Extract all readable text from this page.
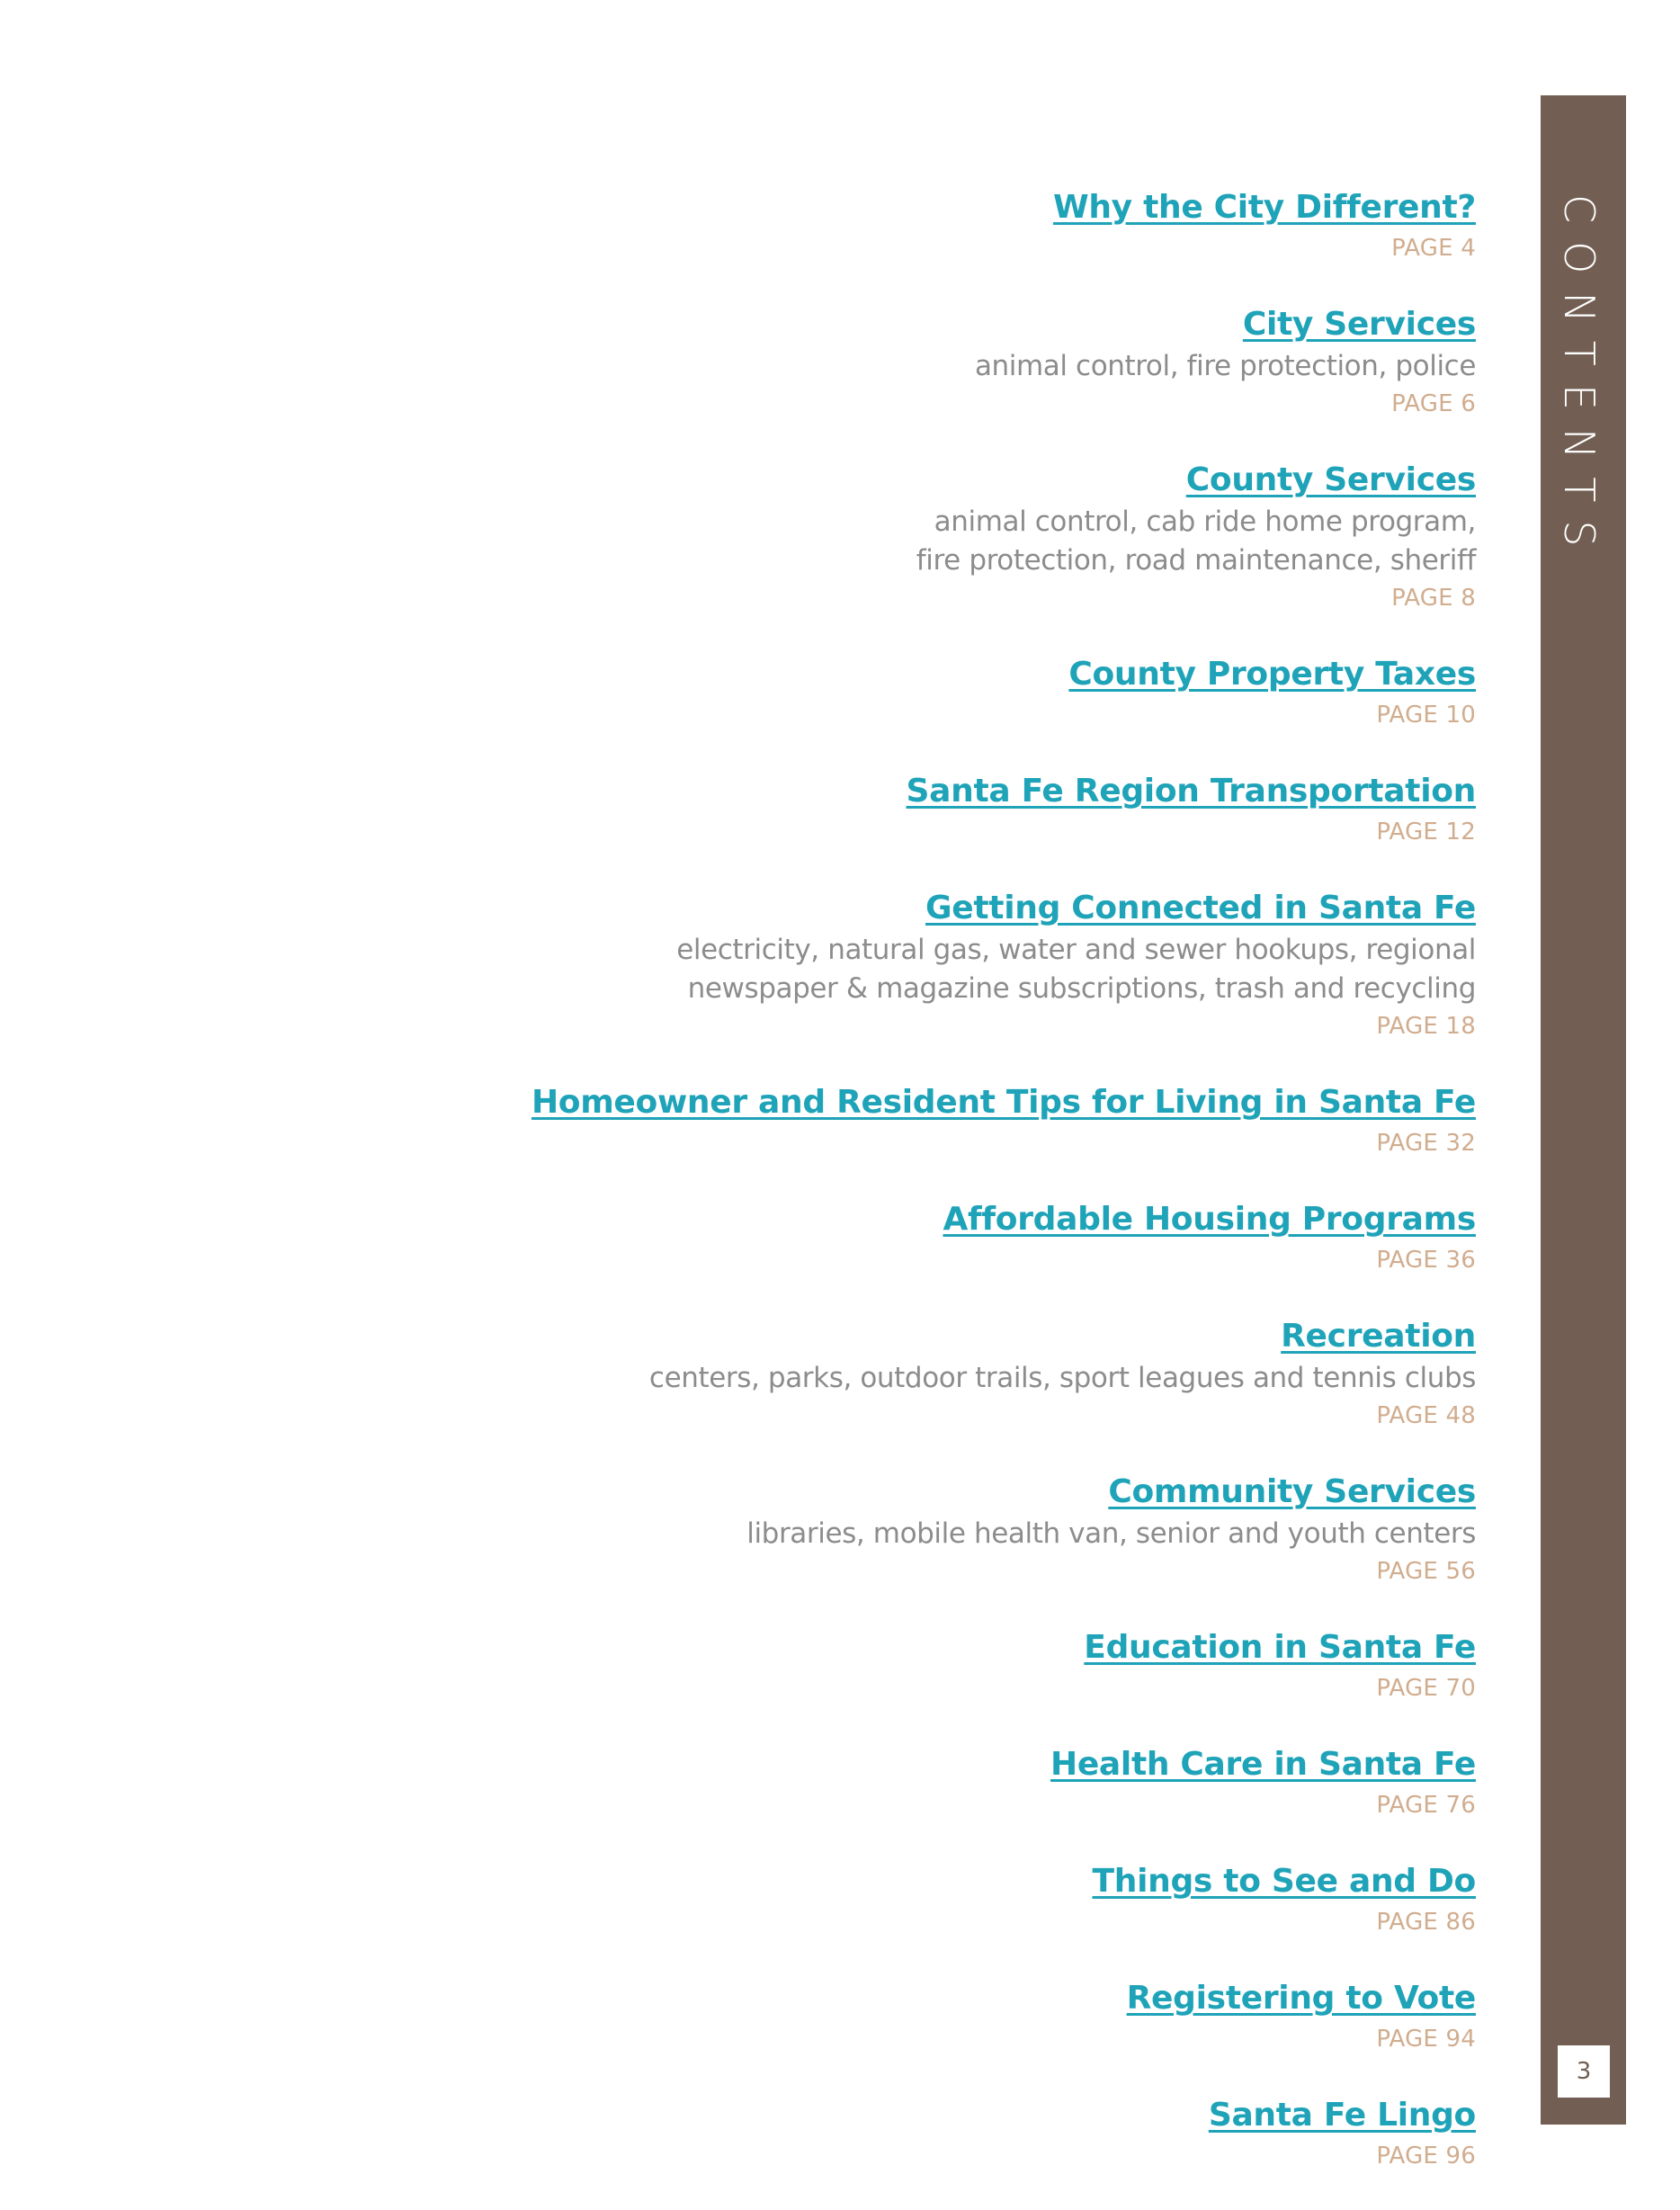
Why the City Different?
PAGE 4
City Services
animal control, fire protection, police
PAGE 6
County Services
animal control, cab ride home program,
fire protection, road maintenance, sheriff
PAGE 8
County Property Taxes
PAGE 10
Santa Fe Region Transportation
PAGE 12
Getting Connected in Santa Fe
electricity, natural gas, water and sewer hookups, regional
newspaper & magazine subscriptions, trash and recycling
PAGE 18
Homeowner and Resident Tips for Living in Santa Fe
PAGE 32
Affordable Housing Programs
PAGE 36
Recreation
centers, parks, outdoor trails, sport leagues and tennis clubs
PAGE 48
Community Services
libraries, mobile health van, senior and youth centers
PAGE 56
Education in Santa Fe
PAGE 70
Health Care in Santa Fe
PAGE 76
Things to See and Do
PAGE 86
Registering to Vote
PAGE 94
Santa Fe Lingo
PAGE 96
CONTENTS
3
